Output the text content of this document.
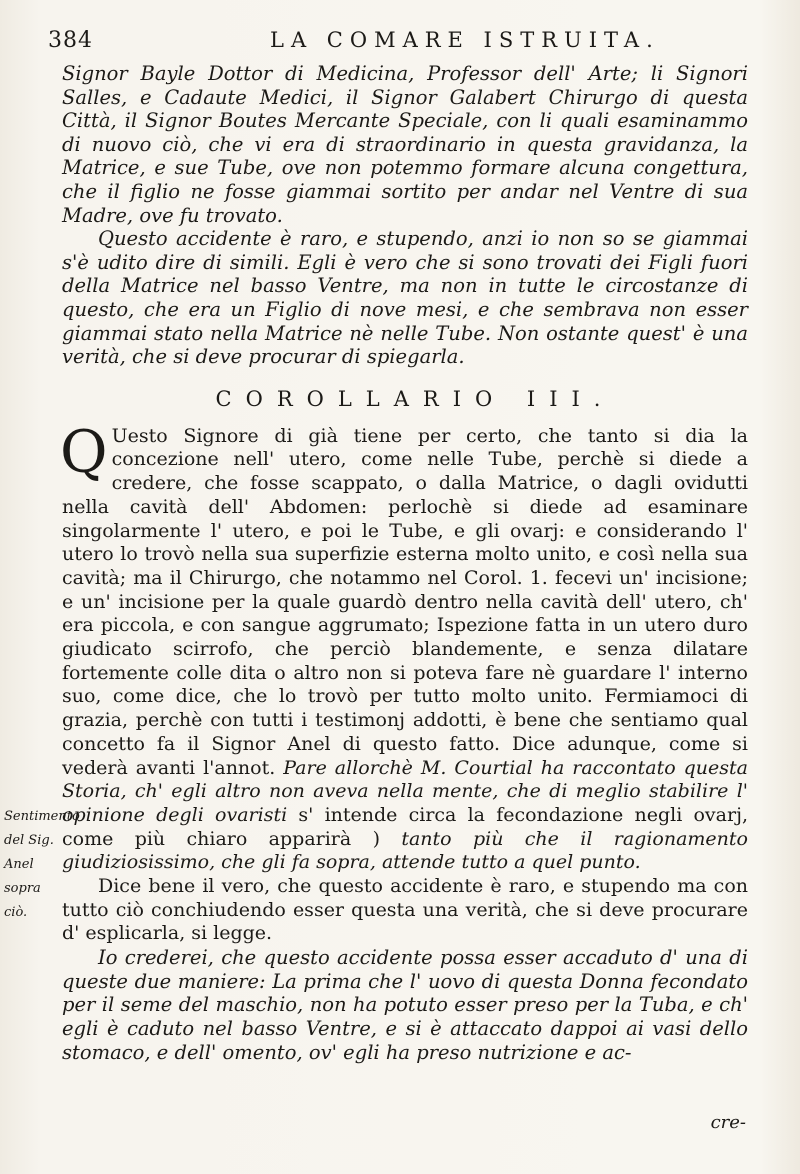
384	LA COMARE ISTRUITA.
Sentimento del Sig. Anel sopra ciò.

Signor Bayle Dottor di Medicina, Professor dell' Arte; li Signori Salles, e Cadaute Medici, il Signor Galabert Chirurgo di questa Città, il Signor Boutes Mercante Speciale, con li quali esaminammo di nuovo ciò, che vi era di straordinario in questa gravidanza, la Matrice, e sue Tube, ove non potemmo formare alcuna congettura, che il figlio ne fosse giammai sortito per andar nel Ventre di sua Madre, ove fu trovato.

Questo accidente è raro, e stupendo, anzi io non so se giammai s'è udito dire di simili. Egli è vero che si sono trovati dei Figli fuori della Matrice nel basso Ventre, ma non in tutte le circostanze di questo, che era un Figlio di nove mesi, e che sembrava non esser giammai stato nella Matrice nè nelle Tube. Non ostante quest' è una verità, che si deve procurar di spiegarla.

COROLLARIO III.

Q Uesto Signore di già tiene per certo, che tanto si dia la concezione nell' utero, come nelle Tube, perchè si diede a credere, che fosse scappato, o dalla Matrice, o dagli ovidutti nella cavità dell' Abdomen: perlochè si diede ad esaminare singolarmente l' utero, e poi le Tube, e gli ovarj: e considerando l' utero lo trovò nella sua superfizie esterna molto unito, e così nella sua cavità; ma il Chirurgo, che notammo nel Corol. 1. fecevi un' incisione; e un' incisione per la quale guardò dentro nella cavità dell' utero, ch' era piccola, e con sangue aggrumato; Ispezione fatta in un utero duro giudicato scirrofo, che perciò blandemente, e senza dilatare fortemente colle dita o altro non si poteva fare nè guardare l' interno suo, come dice, che lo trovò per tutto molto unito. Fermiamoci di grazia, perchè con tutti i testimonj addotti, è bene che sentiamo qual concetto fa il Signor Anel di questo fatto. Dice adunque, come si vederà avanti l'annot. Pare allorchè M. Courtial ha raccontato questa Storia, ch' egli altro non aveva nella mente, che di meglio stabilire l' opinione degli ovaristi s' intende circa la fecondazione negli ovarj, come più chiaro apparirà ) tanto più che il ragionamento giudiziosissimo, che gli fa sopra, attende tutto a quel punto.

Dice bene il vero, che questo accidente è raro, e stupendo ma con tutto ciò conchiudendo esser questa una verità, che si deve procurare d' esplicarla, si legge.

Io crederei, che questo accidente possa esser accaduto d' una di queste due maniere: La prima che l' uovo di questa Donna fecondato per il seme del maschio, non ha potuto esser preso per la Tuba, e ch' egli è caduto nel basso Ventre, e si è attaccato dappoi ai vasi dello stomaco, e dell' omento, ov' egli ha preso nutrizione e ac-

cre-
